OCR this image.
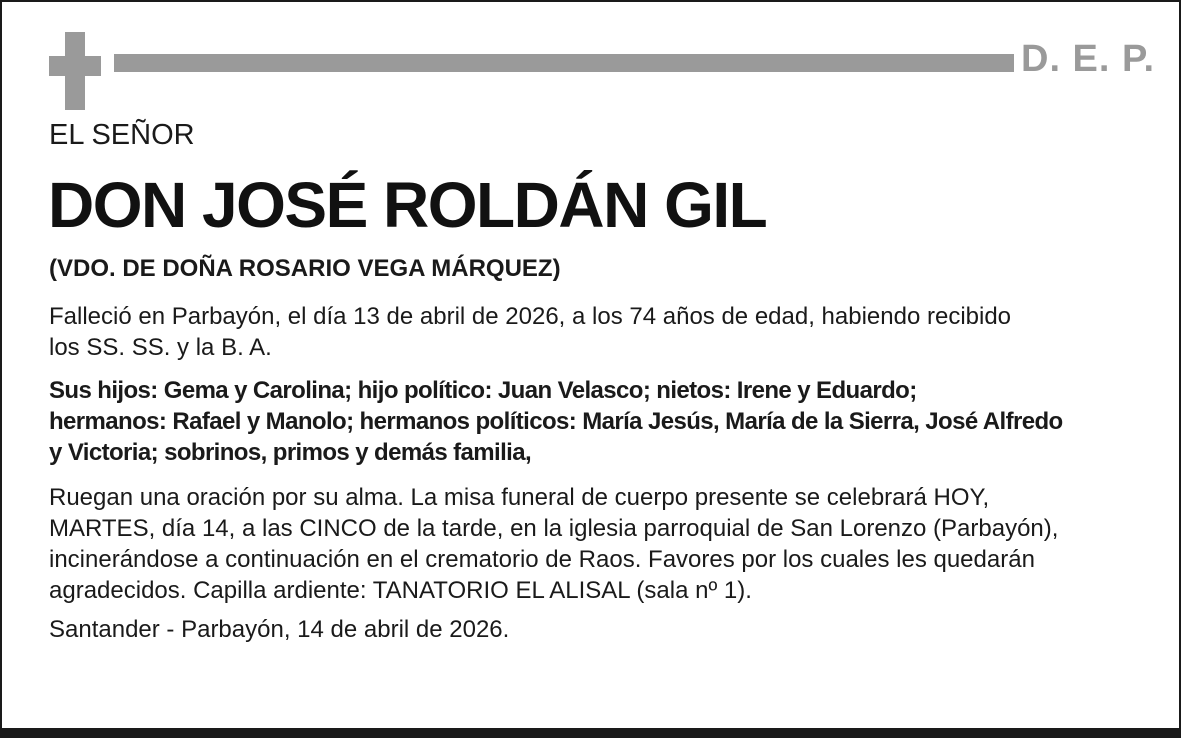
D. E. P.
EL SEÑOR
DON JOSÉ ROLDÁN GIL
(VDO. DE DOÑA ROSARIO VEGA MÁRQUEZ)
Falleció en Parbayón, el día 13 de abril de 2026, a los 74 años de edad, habiendo recibido
los SS. SS. y la B. A.
Sus hijos: Gema y Carolina; hijo político: Juan Velasco; nietos: Irene y Eduardo;
hermanos: Rafael y Manolo; hermanos políticos: María Jesús, María de la Sierra, José Alfredo
y Victoria; sobrinos, primos y demás familia,
Ruegan una oración por su alma. La misa funeral de cuerpo presente se celebrará HOY,
MARTES, día 14, a las CINCO de la tarde, en la iglesia parroquial de San Lorenzo (Parbayón),
incinerándose a continuación en el crematorio de Raos. Favores por los cuales les quedarán
agradecidos. Capilla ardiente: TANATORIO EL ALISAL (sala nº 1).
Santander - Parbayón, 14 de abril de 2026.
